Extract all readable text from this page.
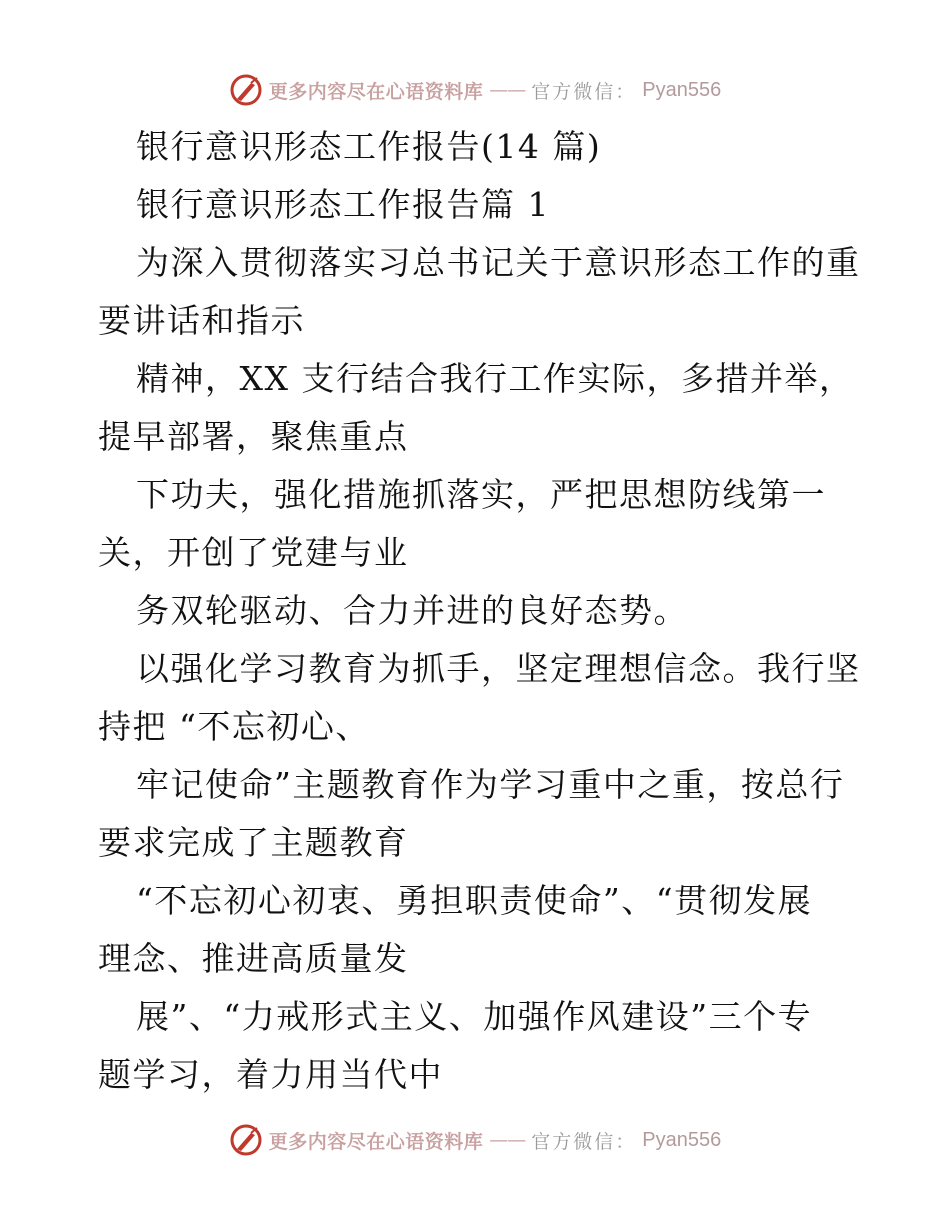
更多内容尽在心语资料库 —— 官方微信： Pyan556
银行意识形态工作报告(14 篇)
银行意识形态工作报告篇 1
为深入贯彻落实习总书记关于意识形态工作的重
要讲话和指示
精神，XX 支行结合我行工作实际，多措并举，
提早部署，聚焦重点
下功夫，强化措施抓落实，严把思想防线第一
关，开创了党建与业
务双轮驱动、合力并进的良好态势。
以强化学习教育为抓手，坚定理想信念。我行坚
持把 “不忘初心、
牢记使命”主题教育作为学习重中之重，按总行
要求完成了主题教育
“不忘初心初衷、勇担职责使命”、“贯彻发展
理念、推进高质量发
展”、“力戒形式主义、加强作风建设”三个专
题学习，着力用当代中
更多内容尽在心语资料库 —— 官方微信： Pyan556
